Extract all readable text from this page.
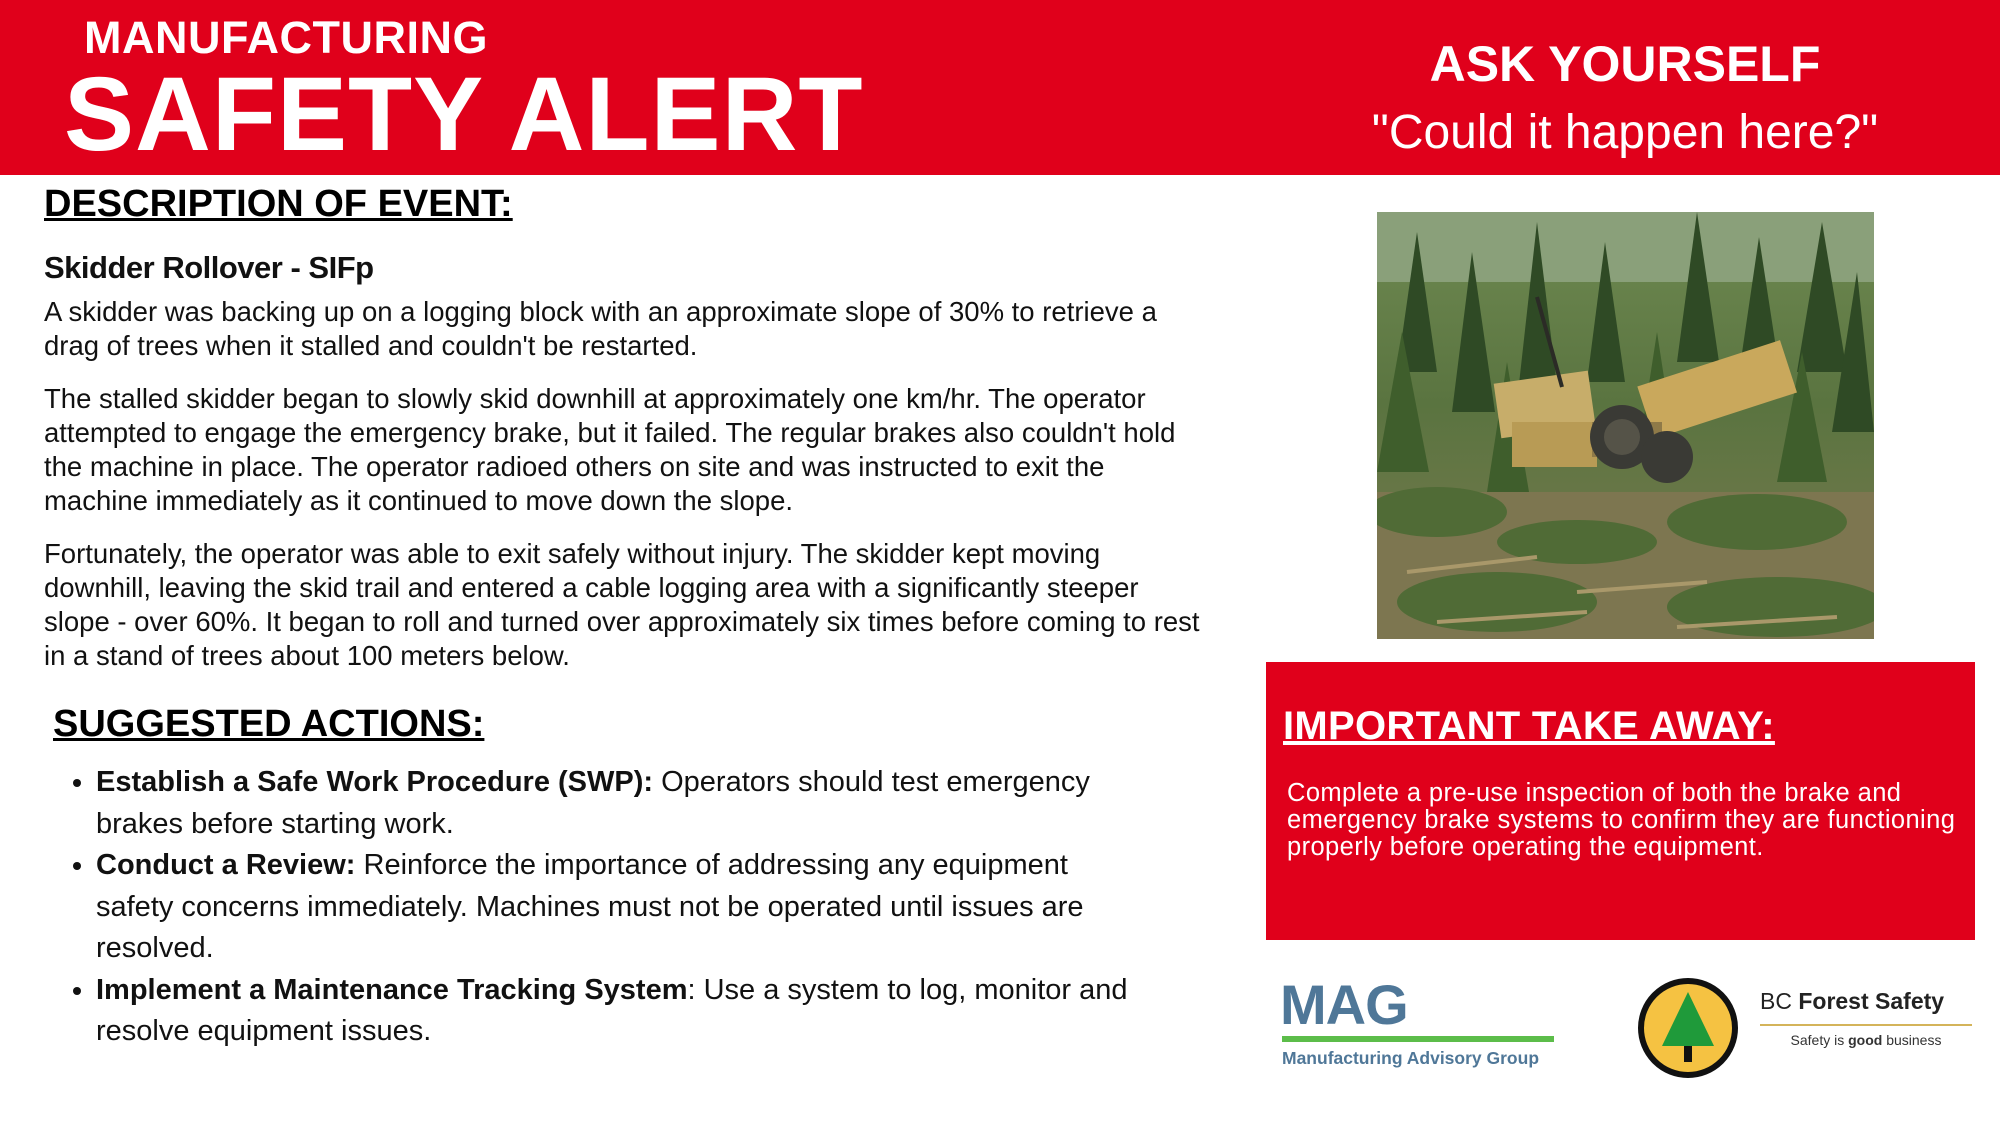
MANUFACTURING
SAFETY ALERT	ASK YOURSELF
"Could it happen here?"
DESCRIPTION OF EVENT:
Skidder Rollover - SIFp

A skidder was backing up on a logging block with an approximate slope of 30% to retrieve a drag of trees when it stalled and couldn't be restarted.

The stalled skidder began to slowly skid downhill at approximately one km/hr. The operator attempted to engage the emergency brake, but it failed. The regular brakes also couldn't hold the machine in place. The operator radioed others on site and was instructed to exit the machine immediately as it continued to move down the slope.

Fortunately, the operator was able to exit safely without injury. The skidder kept moving downhill, leaving the skid trail and entered a cable logging area with a significantly steeper slope - over 60%. It began to roll and turned over approximately six times before coming to rest in a stand of trees about 100 meters below.

SUGGESTED ACTIONS:
• Establish a Safe Work Procedure (SWP): Operators should test emergency brakes before starting work.
• Conduct a Review: Reinforce the importance of addressing any equipment safety concerns immediately. Machines must not be operated until issues are resolved.
• Implement a Maintenance Tracking System: Use a system to log, monitor and resolve equipment issues.
IMPORTANT TAKE AWAY:
Complete a pre-use inspection of both the brake and emergency brake systems to confirm they are functioning properly before operating the equipment.
MAG
Manufacturing Advisory Group
BC Forest Safety
Safety is good business
